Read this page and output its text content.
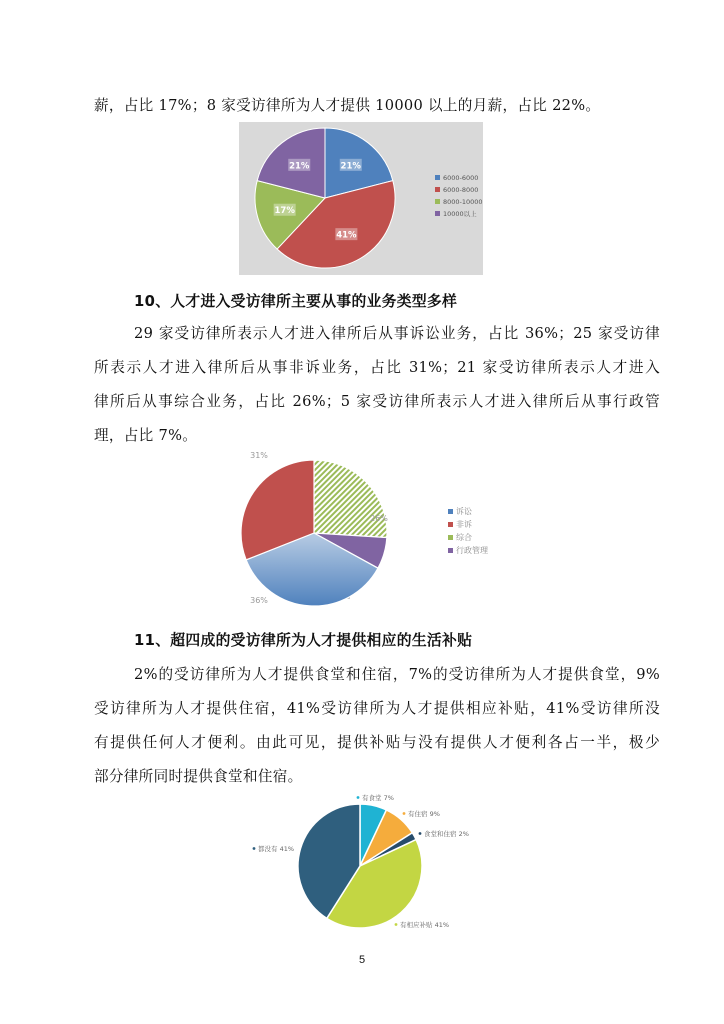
薪，占比 17%；8 家受访律所为人才提供 10000 以上的月薪，占比 22%。
21%
41%
17%
21%
6000-6000
6000-8000
8000-10000
10000以上
10、人才进入受访律所主要从事的业务类型多样
29 家受访律所表示人才进入律所后从事诉讼业务，占比 36%；25 家受访律
所表示人才进入律所后从事非诉业务，占比 31%；21 家受访律所表示人才进入
律所后从事综合业务，占比 26%；5 家受访律所表示人才进入律所后从事行政管
理，占比 7%。
26%
36%
31%
诉讼
非诉
综合
行政管理
11、超四成的受访律所为人才提供相应的生活补贴
2%的受访律所为人才提供食堂和住宿，7%的受访律所为人才提供食堂，9%
受访律所为人才提供住宿，41%受访律所为人才提供相应补贴，41%受访律所没
有提供任何人才便利。由此可见，提供补贴与没有提供人才便利各占一半，极少
部分律所同时提供食堂和住宿。
有食堂 7%
有住宿 9%
食堂和住宿 2%
有相应补贴 41%
都没有 41%
5
